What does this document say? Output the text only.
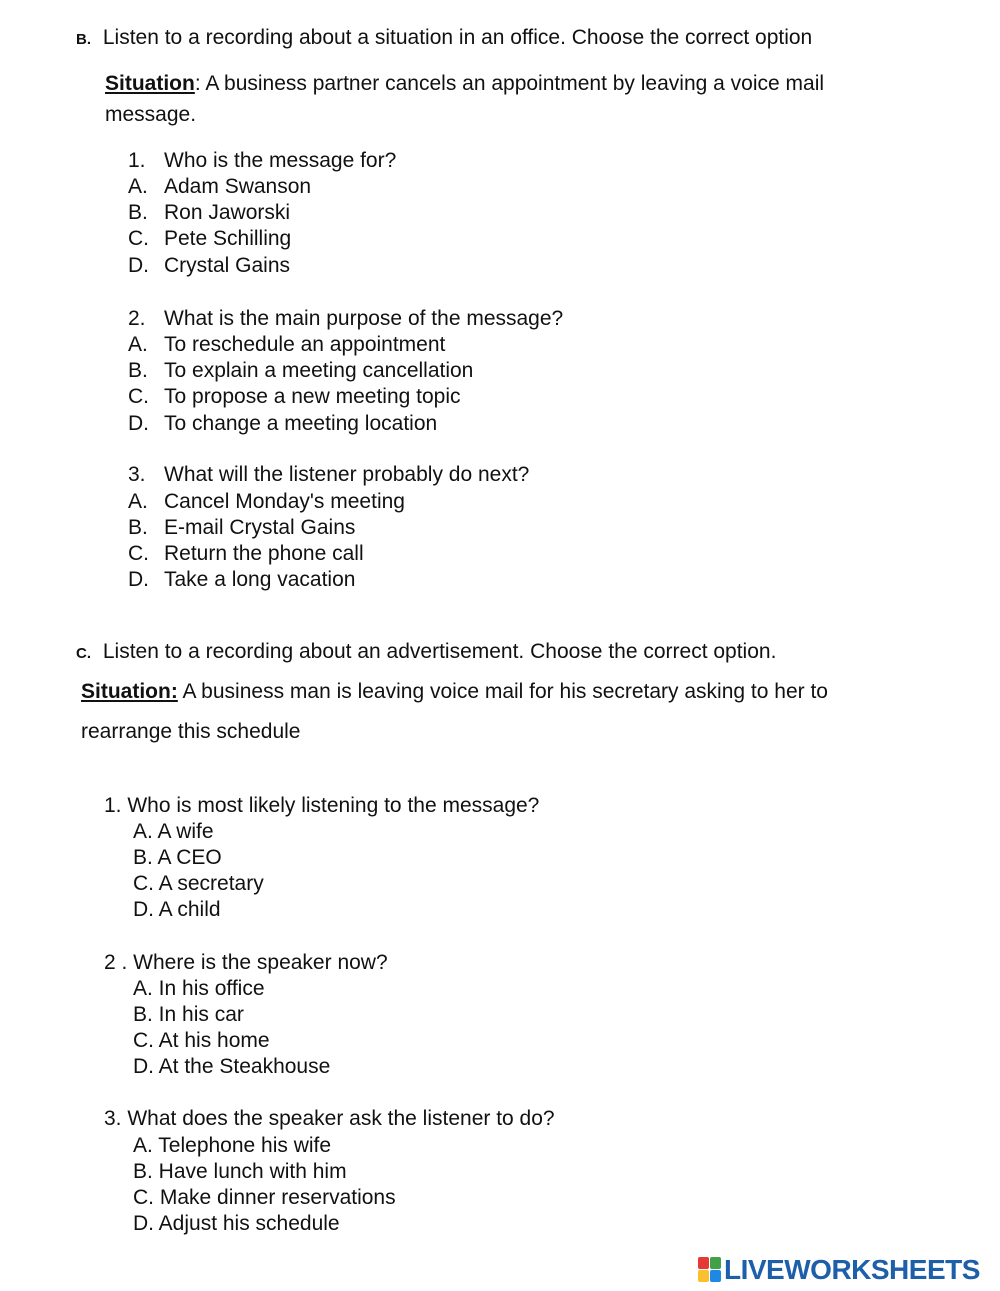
B. Listen to a recording about a situation in an office. Choose the correct option
Situation: A business partner cancels an appointment by leaving a voice mail
message.
1. Who is the message for?
A. Adam Swanson
B. Ron Jaworski
C. Pete Schilling
D. Crystal Gains
2. What is the main purpose of the message?
A. To reschedule an appointment
B. To explain a meeting cancellation
C. To propose a new meeting topic
D. To change a meeting location
3. What will the listener probably do next?
A. Cancel Monday's meeting
B. E-mail Crystal Gains
C. Return the phone call
D. Take a long vacation
C. Listen to a recording about an advertisement. Choose the correct option.
Situation: A business man is leaving voice mail for his secretary asking to her to
rearrange this schedule
1. Who is most likely listening to the message?
A. A wife
B. A CEO
C. A secretary
D. A child
2 . Where is the speaker now?
A. In his office
B. In his car
C. At his home
D. At the Steakhouse
3. What does the speaker ask the listener to do?
A. Telephone his wife
B. Have lunch with him
C. Make dinner reservations
D. Adjust his schedule
LIVEWORKSHEETS
